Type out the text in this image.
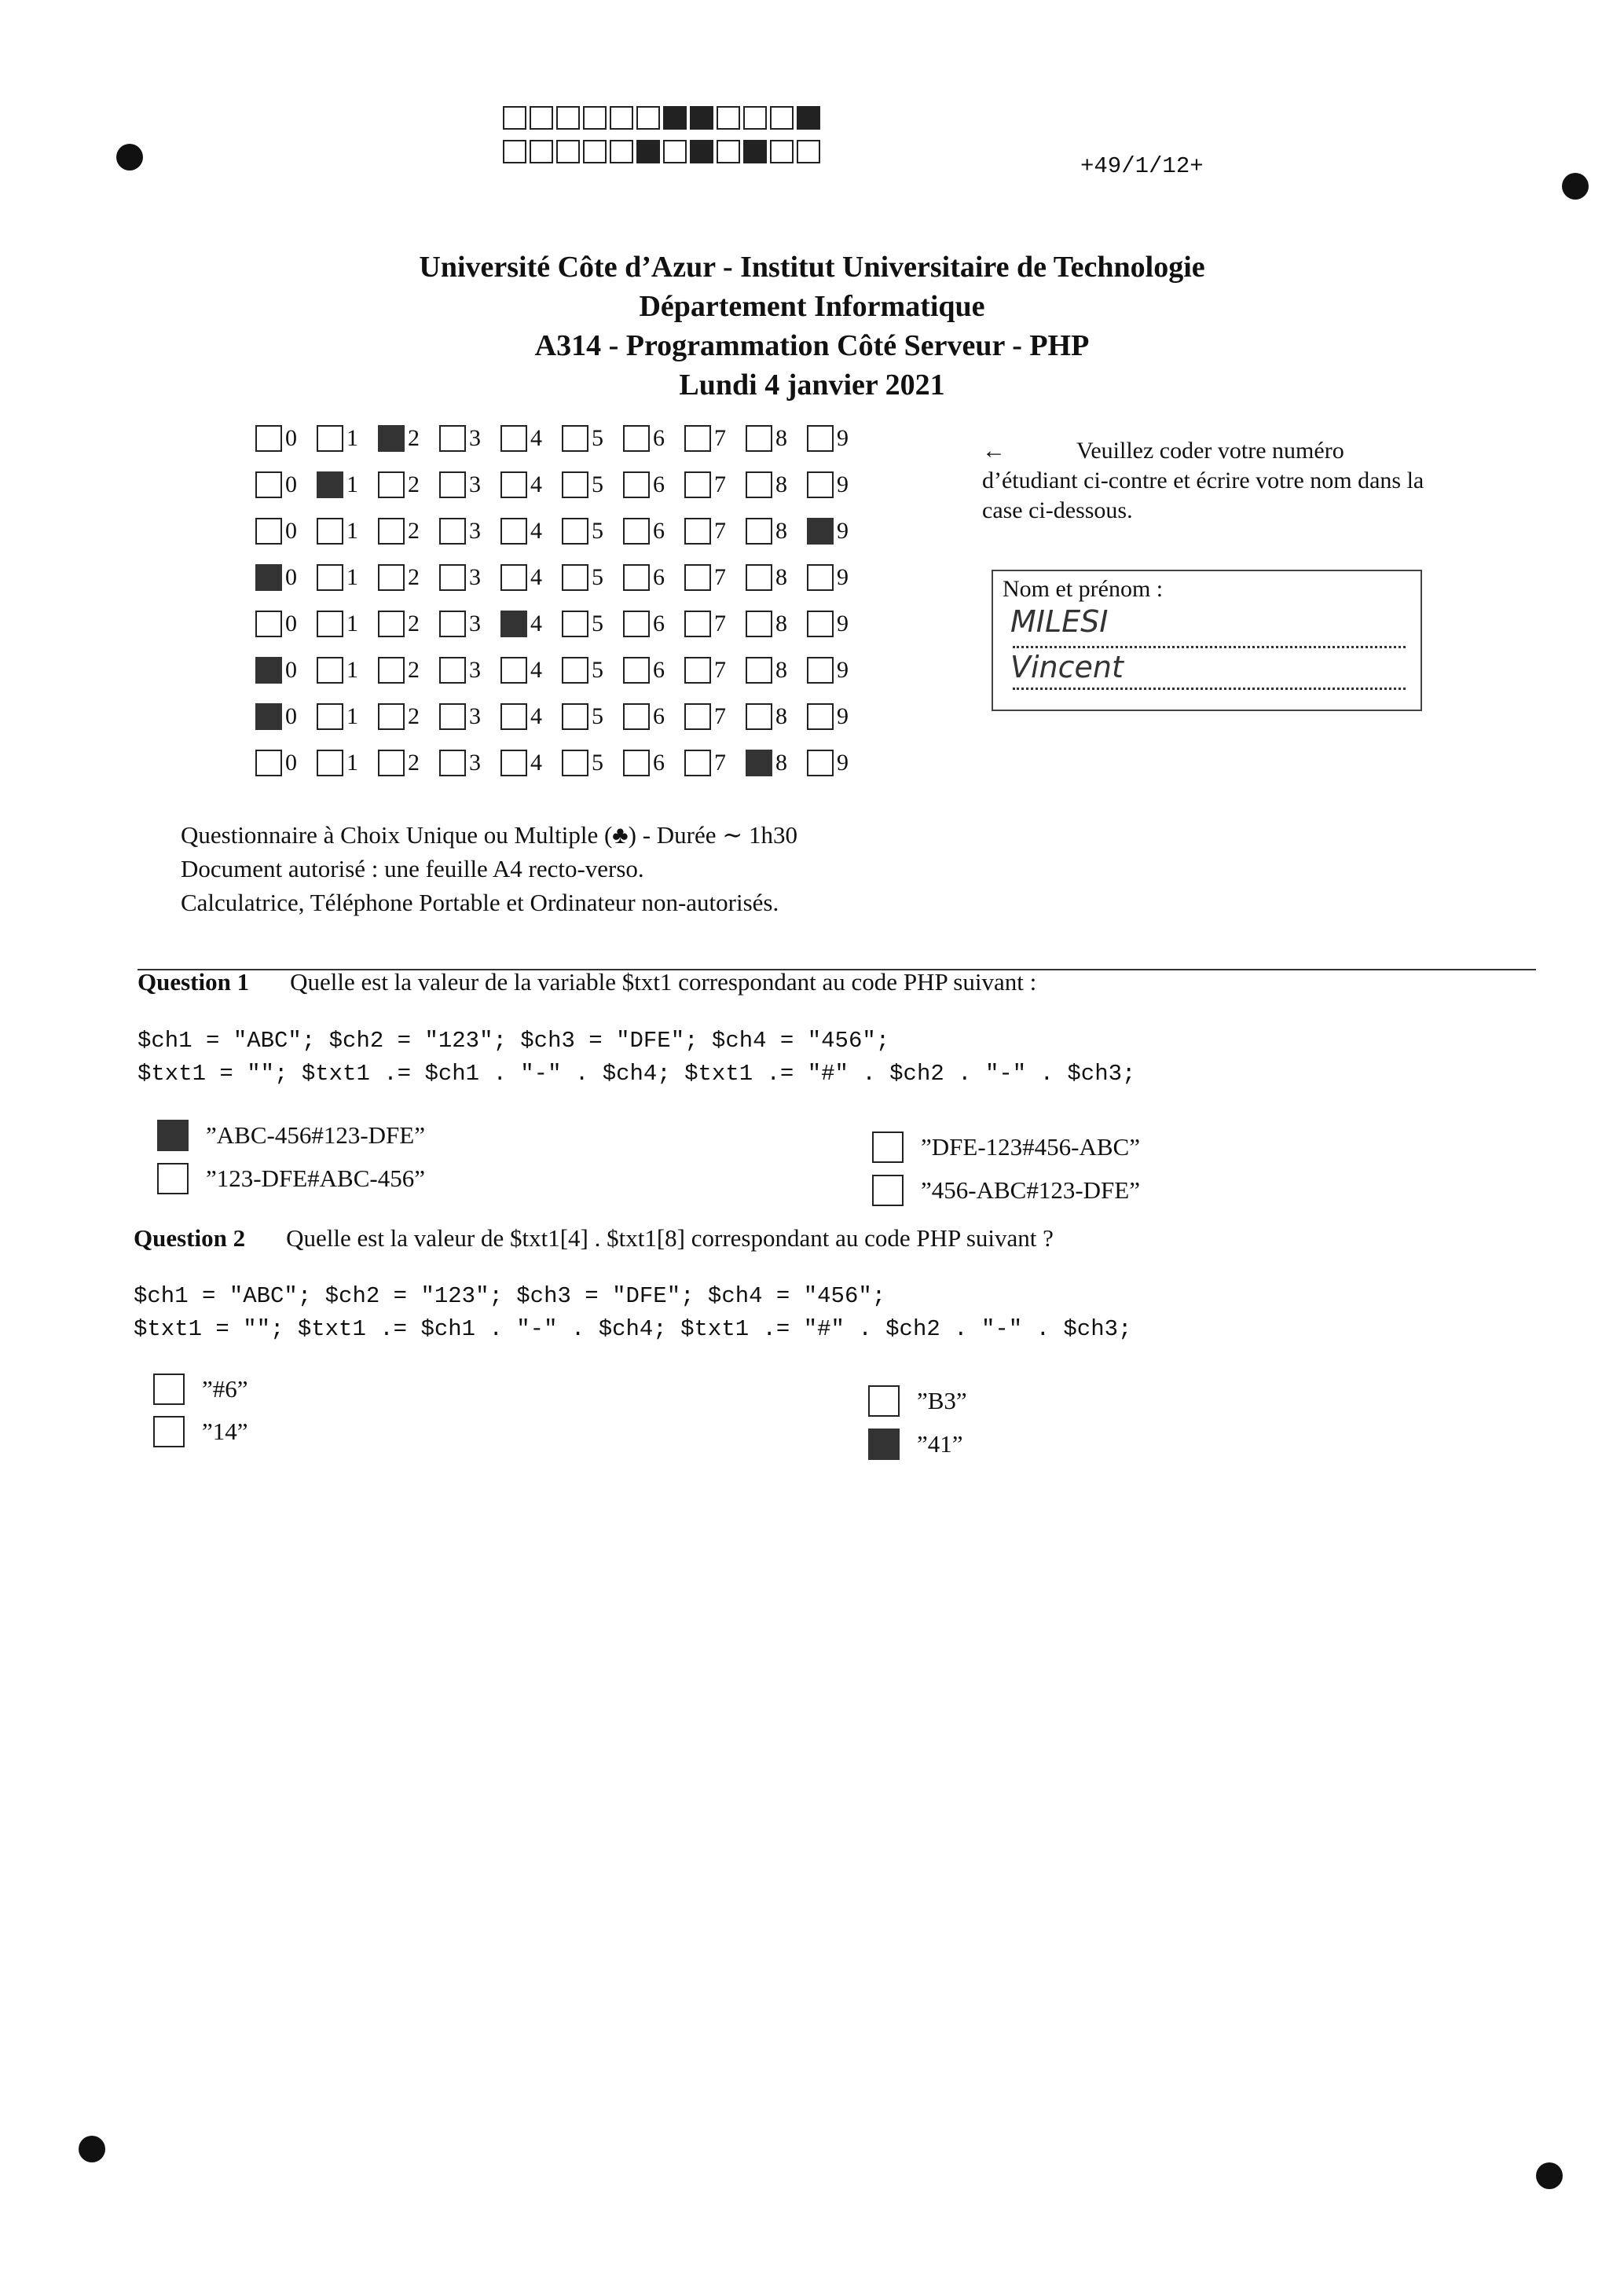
+49/1/12+
Université Côte d’Azur - Institut Universitaire de Technologie
Département Informatique
A314 - Programmation Côté Serveur - PHP
Lundi 4 janvier 2021
0 1 2 3 4 5 6 7 8 9
0 1 2 3 4 5 6 7 8 9
0 1 2 3 4 5 6 7 8 9
0 1 2 3 4 5 6 7 8 9
0 1 2 3 4 5 6 7 8 9
0 1 2 3 4 5 6 7 8 9
0 1 2 3 4 5 6 7 8 9
0 1 2 3 4 5 6 7 8 9
←	Veuillez coder votre numéro d’étudiant ci-contre et écrire votre nom dans la case ci-dessous.
Nom et prénom :
MILESI
Vincent
Questionnaire à Choix Unique ou Multiple (♣) - Durée ∼ 1h30
Document autorisé : une feuille A4 recto-verso.
Calculatrice, Téléphone Portable et Ordinateur non-autorisés.
Question 1 Quelle est la valeur de la variable $txt1 correspondant au code PHP suivant :
$ch1 = "ABC"; $ch2 = "123"; $ch3 = "DFE"; $ch4 = "456";
$txt1 = ""; $txt1 .= $ch1 . "-" . $ch4; $txt1 .= "#" . $ch2 . "-" . $ch3;
”ABC-456#123-DFE”
”123-DFE#ABC-456”
”DFE-123#456-ABC”
”456-ABC#123-DFE”
Question 2 Quelle est la valeur de $txt1[4] . $txt1[8] correspondant au code PHP suivant ?
$ch1 = "ABC"; $ch2 = "123"; $ch3 = "DFE"; $ch4 = "456";
$txt1 = ""; $txt1 .= $ch1 . "-" . $ch4; $txt1 .= "#" . $ch2 . "-" . $ch3;
”#6”
”14”
”B3”
”41”
